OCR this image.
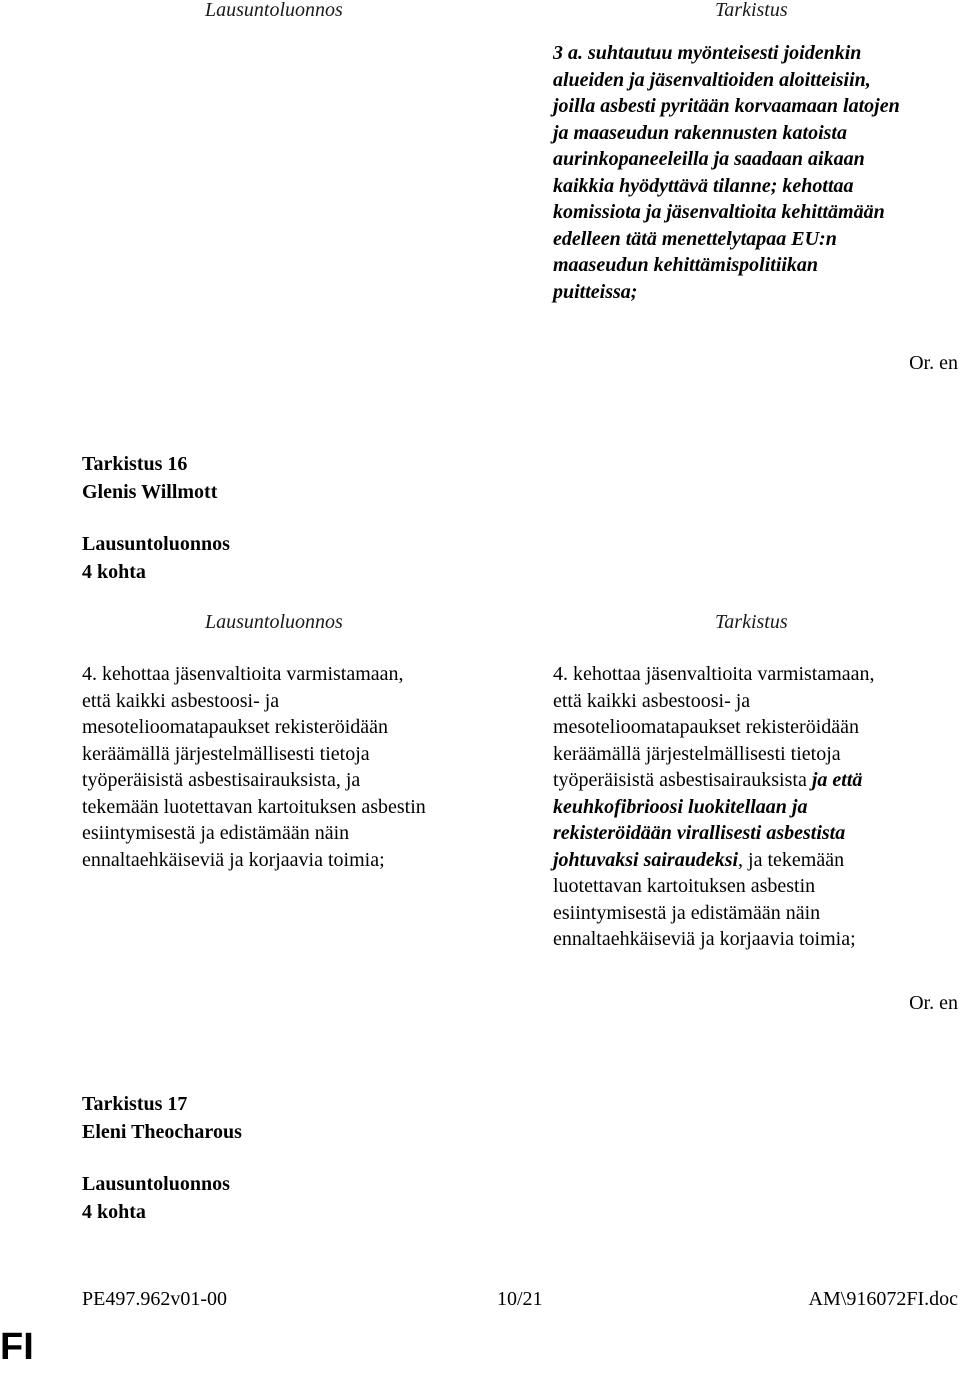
Lausuntoluonnos	Tarkistus
3 a. suhtautuu myönteisesti joidenkin
alueiden ja jäsenvaltioiden aloitteisiin,
joilla asbesti pyritään korvaamaan latojen
ja maaseudun rakennusten katoista
aurinkopaneeleilla ja saadaan aikaan
kaikkia hyödyttävä tilanne; kehottaa
komissiota ja jäsenvaltioita kehittämään
edelleen tätä menettelytapaa EU:n
maaseudun kehittämispolitiikan
puitteissa;
Or. en
Tarkistus 16
Glenis Willmott
Lausuntoluonnos
4 kohta
Lausuntoluonnos	Tarkistus
4. kehottaa jäsenvaltioita varmistamaan,
että kaikki asbestoosi- ja
mesotelioomatapaukset rekisteröidään
keräämällä järjestelmällisesti tietoja
työperäisistä asbestisairauksista, ja
tekemään luotettavan kartoituksen asbestin
esiintymisestä ja edistämään näin
ennaltaehkäiseviä ja korjaavia toimia;
4. kehottaa jäsenvaltioita varmistamaan,
että kaikki asbestoosi- ja
mesotelioomatapaukset rekisteröidään
keräämällä järjestelmällisesti tietoja
työperäisistä asbestisairauksista ja että
keuhkofibrioosi luokitellaan ja
rekisteröidään virallisesti asbestista
johtuvaksi sairaudeksi, ja tekemään
luotettavan kartoituksen asbestin
esiintymisestä ja edistämään näin
ennaltaehkäiseviä ja korjaavia toimia;
Or. en
Tarkistus 17
Eleni Theocharous
Lausuntoluonnos
4 kohta
PE497.962v01-00	10/21	AM\916072FI.doc
FI
